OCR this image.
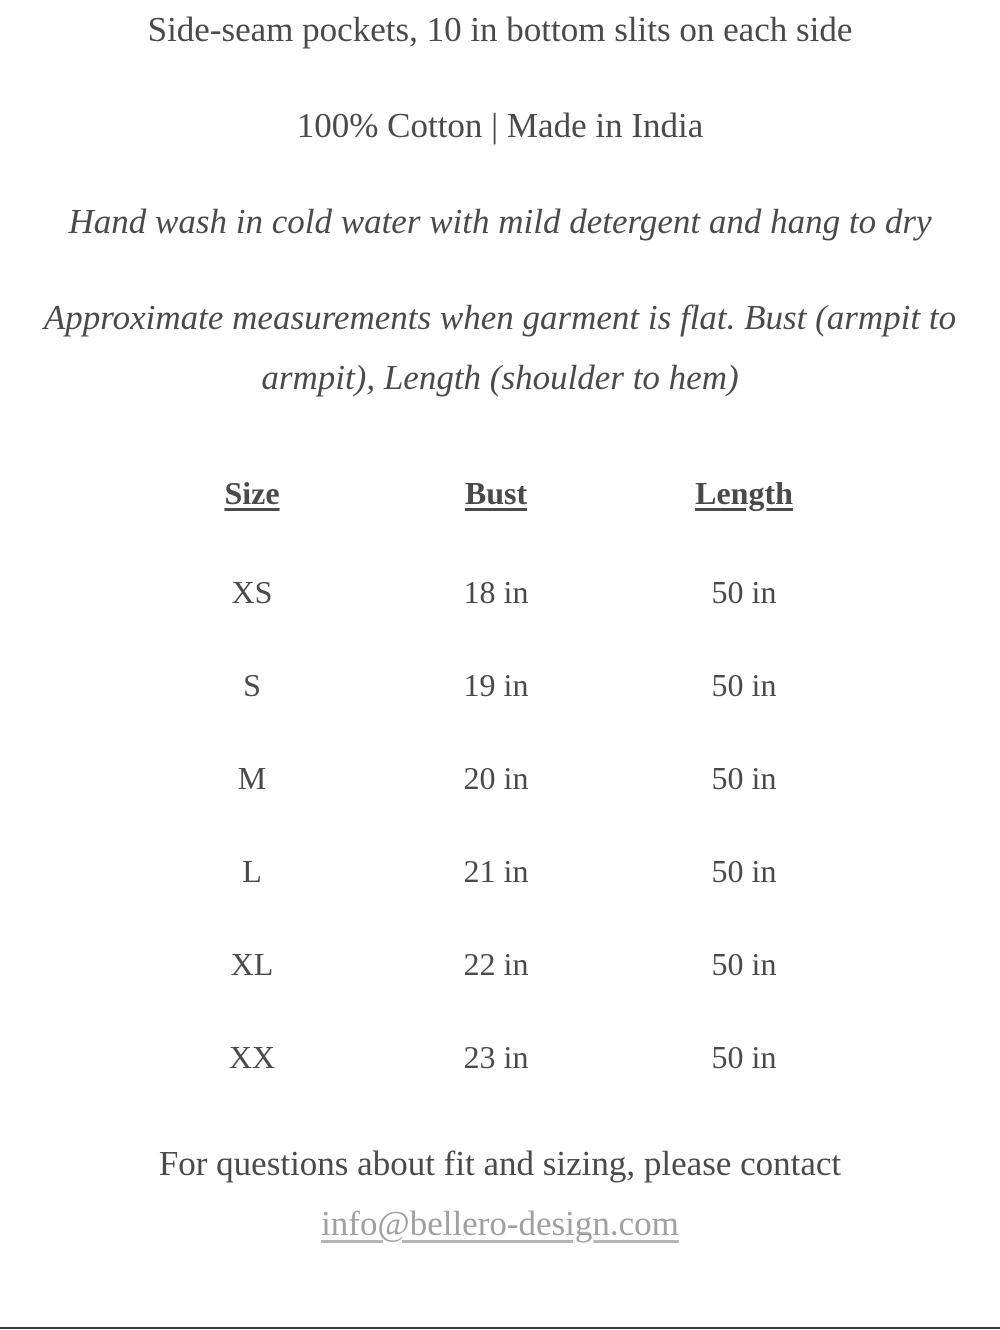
Side-seam pockets, 10 in bottom slits on each side

100% Cotton | Made in India

Hand wash in cold water with mild detergent and hang to dry

Approximate measurements when garment is flat. Bust (armpit to armpit), Length (shoulder to hem)

Size	Bust	Length
XS	18 in	50 in
S	19 in	50 in
M	20 in	50 in
L	21 in	50 in
XL	22 in	50 in
XX	23 in	50 in

For questions about fit and sizing, please contact
info@bellero-design.com
